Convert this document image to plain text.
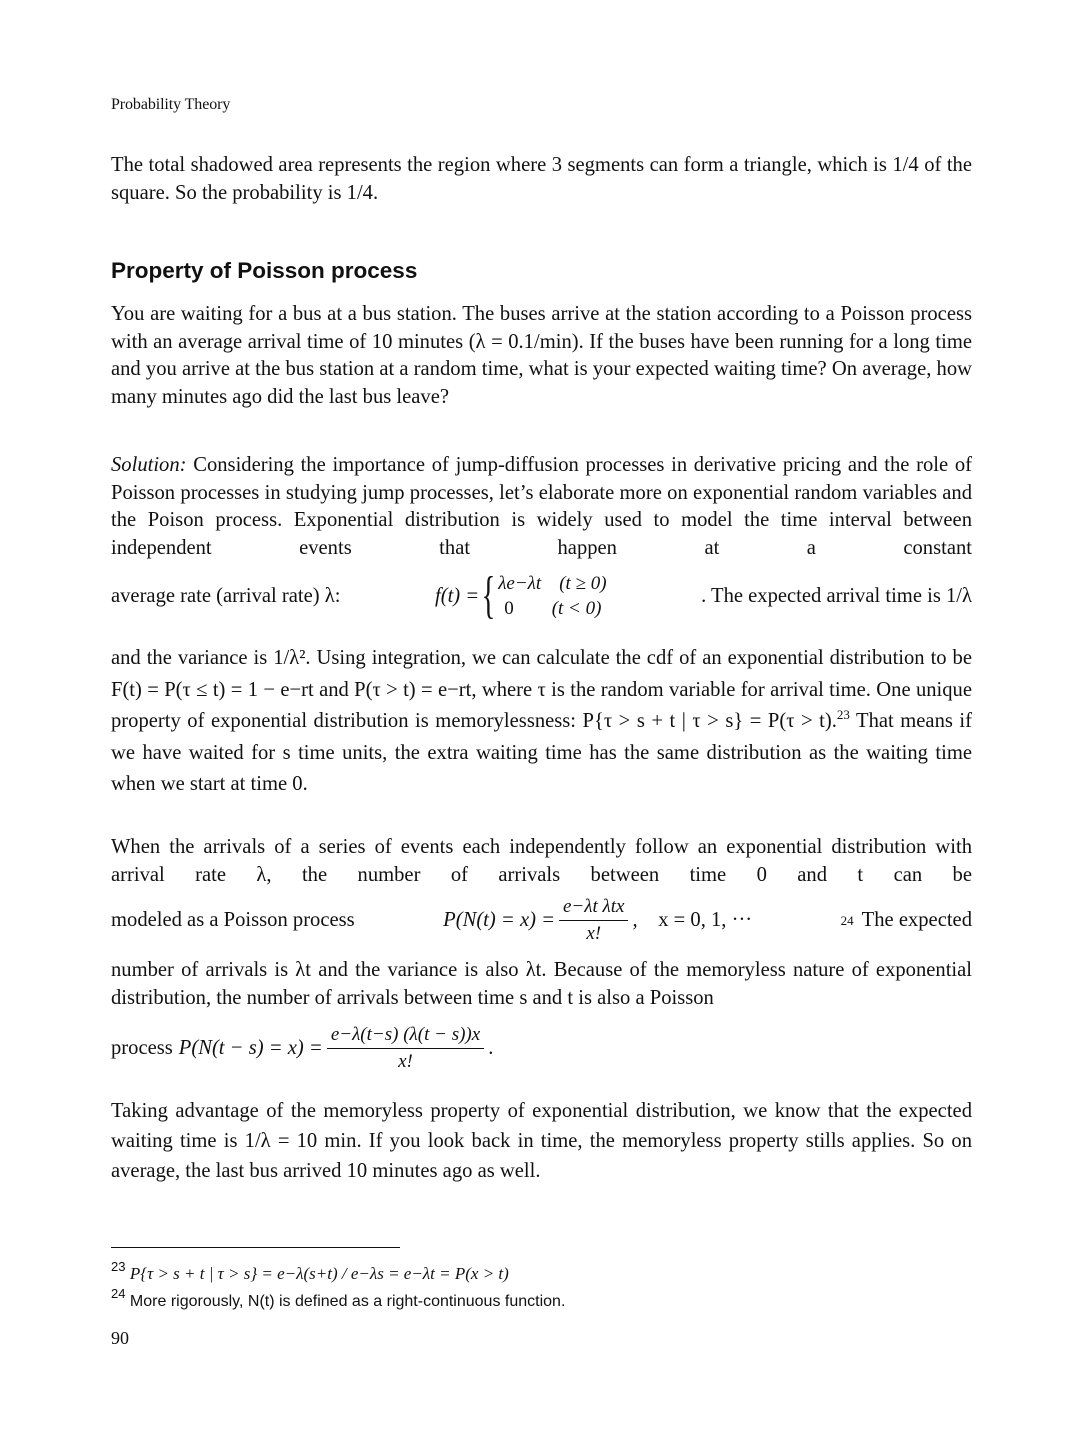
Probability Theory
The total shadowed area represents the region where 3 segments can form a triangle, which is 1/4 of the square. So the probability is 1/4.
Property of Poisson process
You are waiting for a bus at a bus station. The buses arrive at the station according to a Poisson process with an average arrival time of 10 minutes (λ = 0.1/min). If the buses have been running for a long time and you arrive at the bus station at a random time, what is your expected waiting time? On average, how many minutes ago did the last bus leave?
Solution: Considering the importance of jump-diffusion processes in derivative pricing and the role of Poisson processes in studying jump processes, let’s elaborate more on exponential random variables and the Poison process. Exponential distribution is widely used to model the time interval between independent events that happen at a constant
average rate (arrival rate) λ:	f(t) = { λe−λt (t ≥ 0)
0 (t < 0)
. The expected arrival time is 1/λ
and the variance is 1/λ². Using integration, we can calculate the cdf of an exponential distribution to be F(t) = P(τ ≤ t) = 1 − e−rt and P(τ > t) = e−rt, where τ is the random variable for arrival time. One unique property of exponential distribution is memorylessness: P{τ > s + t | τ > s} = P(τ > t).$^{23}$ That means if we have waited for s time units, the extra waiting time has the same distribution as the waiting time when we start at time 0.
When the arrivals of a series of events each independently follow an exponential distribution with arrival rate λ, the number of arrivals between time 0 and t can be
modeled as a Poisson process	$P(N(t) = x) = \frac{\text{e−λt λtx}}{x!}$ ,    x = 0, 1, ···	24 The expected
number of arrivals is λt and the variance is also λt. Because of the memoryless nature of exponential distribution, the number of arrivals between time s and t is also a Poisson
process $P(N(t - s) = x) = \frac{e-\lambda(t-s) (\lambda(t - s))x}{x!}$ .
Taking advantage of the memoryless property of exponential distribution, we know that the expected waiting time is 1/λ = 10 min. If you look back in time, the memoryless property stills applies. So on average, the last bus arrived 10 minutes ago as well.
$^{23}$ P{τ > s + t | τ > s} = e−λ(s+t) / e−λs = e−λt = P(x > t)
$^{24}$ More rigorously, N(t) is defined as a right-continuous function.
90
